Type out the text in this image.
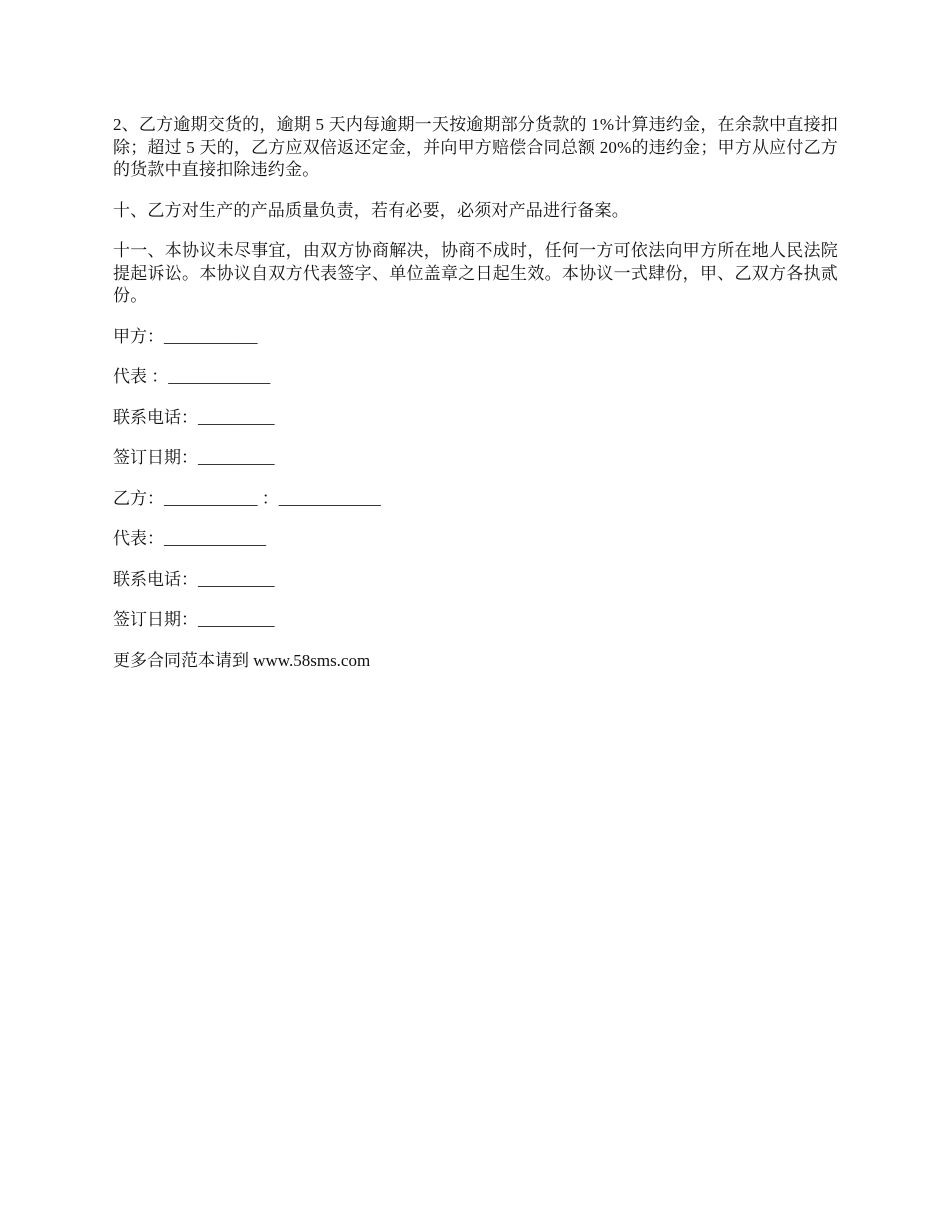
2、乙方逾期交货的，逾期 5 天内每逾期一天按逾期部分货款的 1%计算违约金，在余款中直接扣除；超过 5 天的，乙方应双倍返还定金，并向甲方赔偿合同总额 20%的违约金；甲方从应付乙方的货款中直接扣除违约金。

十、乙方对生产的产品质量负责，若有必要，必须对产品进行备案。

十一、本协议未尽事宜，由双方协商解决，协商不成时，任何一方可依法向甲方所在地人民法院提起诉讼。本协议自双方代表签字、单位盖章之日起生效。本协议一式肆份，甲、乙双方各执贰份。

甲方：___________

代表 ：____________

联系电话：_________

签订日期：_________

乙方：___________ ：____________

代表：____________

联系电话：_________

签订日期：_________

更多合同范本请到 www.58sms.com
